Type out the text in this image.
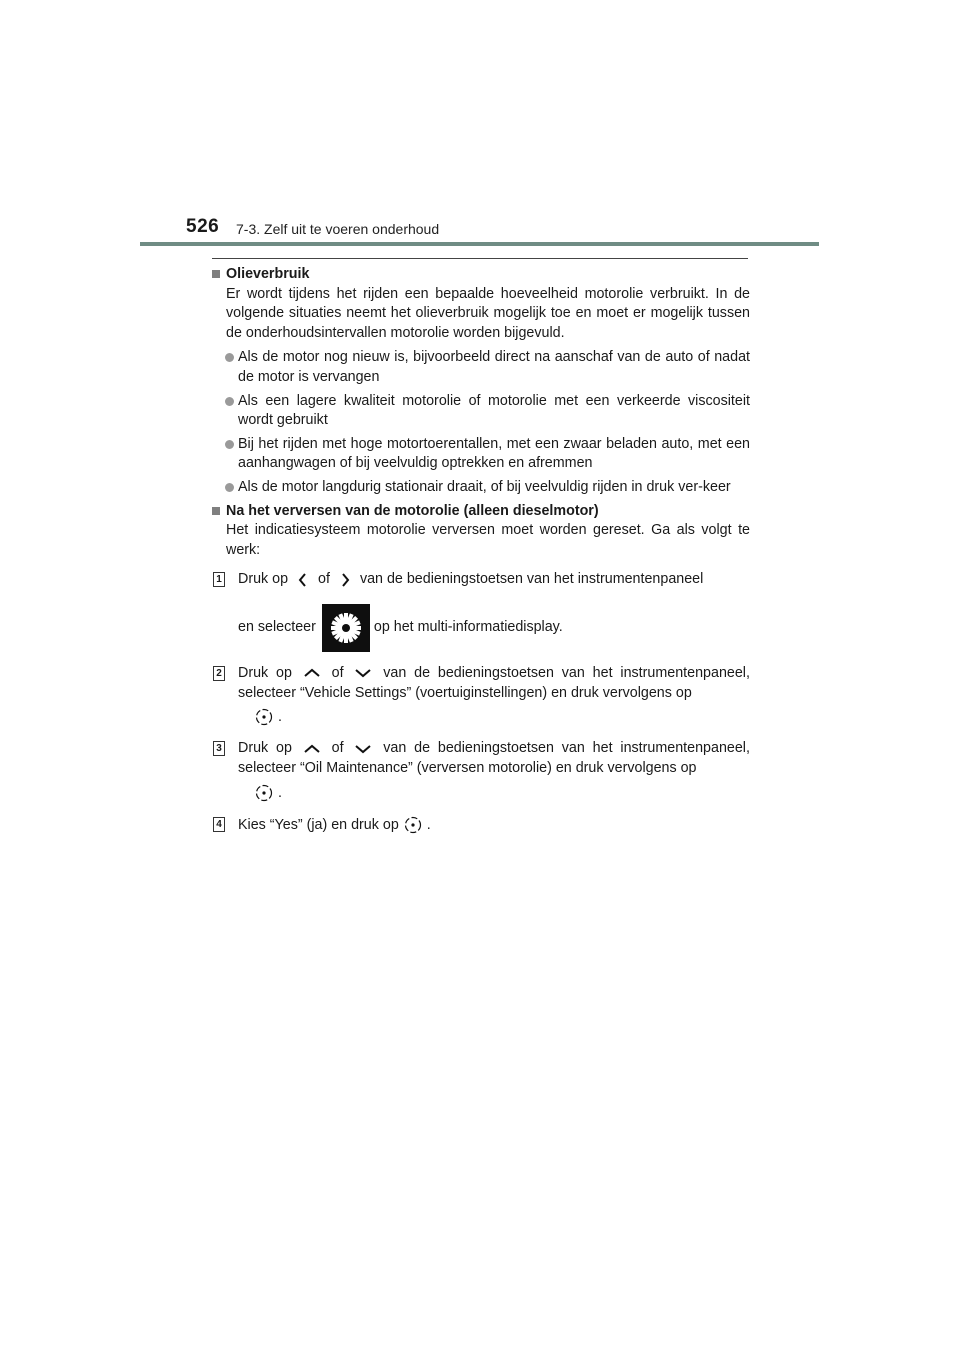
526 7-3. Zelf uit te voeren onderhoud
Olieverbruik
Er wordt tijdens het rijden een bepaalde hoeveelheid motorolie verbruikt. In de volgende situaties neemt het olieverbruik mogelijk toe en moet er mogelijk tussen de onderhoudsintervallen motorolie worden bijgevuld.
Als de motor nog nieuw is, bijvoorbeeld direct na aanschaf van de auto of nadat de motor is vervangen
Als een lagere kwaliteit motorolie of motorolie met een verkeerde viscositeit wordt gebruikt
Bij het rijden met hoge motortoerentallen, met een zwaar beladen auto, met een aanhangwagen of bij veelvuldig optrekken en afremmen
Als de motor langdurig stationair draait, of bij veelvuldig rijden in druk ver-keer
Na het verversen van de motorolie (alleen dieselmotor)
Het indicatiesysteem motorolie verversen moet worden gereset. Ga als volgt te werk:
1 Druk op of van de bedieningstoetsen van het instrumentenpaneel
en selecteer	op het multi-informatiedisplay.
2 Druk op	of	van de bedieningstoetsen van het instrumentenpaneel, selecteer “Vehicle Settings” (voertuiginstellingen) en druk vervolgens op
.
3 Druk op	of	van de bedieningstoetsen van het instrumentenpaneel, selecteer “Oil Maintenance” (verversen motorolie) en druk vervolgens op
.
4 Kies “Yes” (ja) en druk op .
